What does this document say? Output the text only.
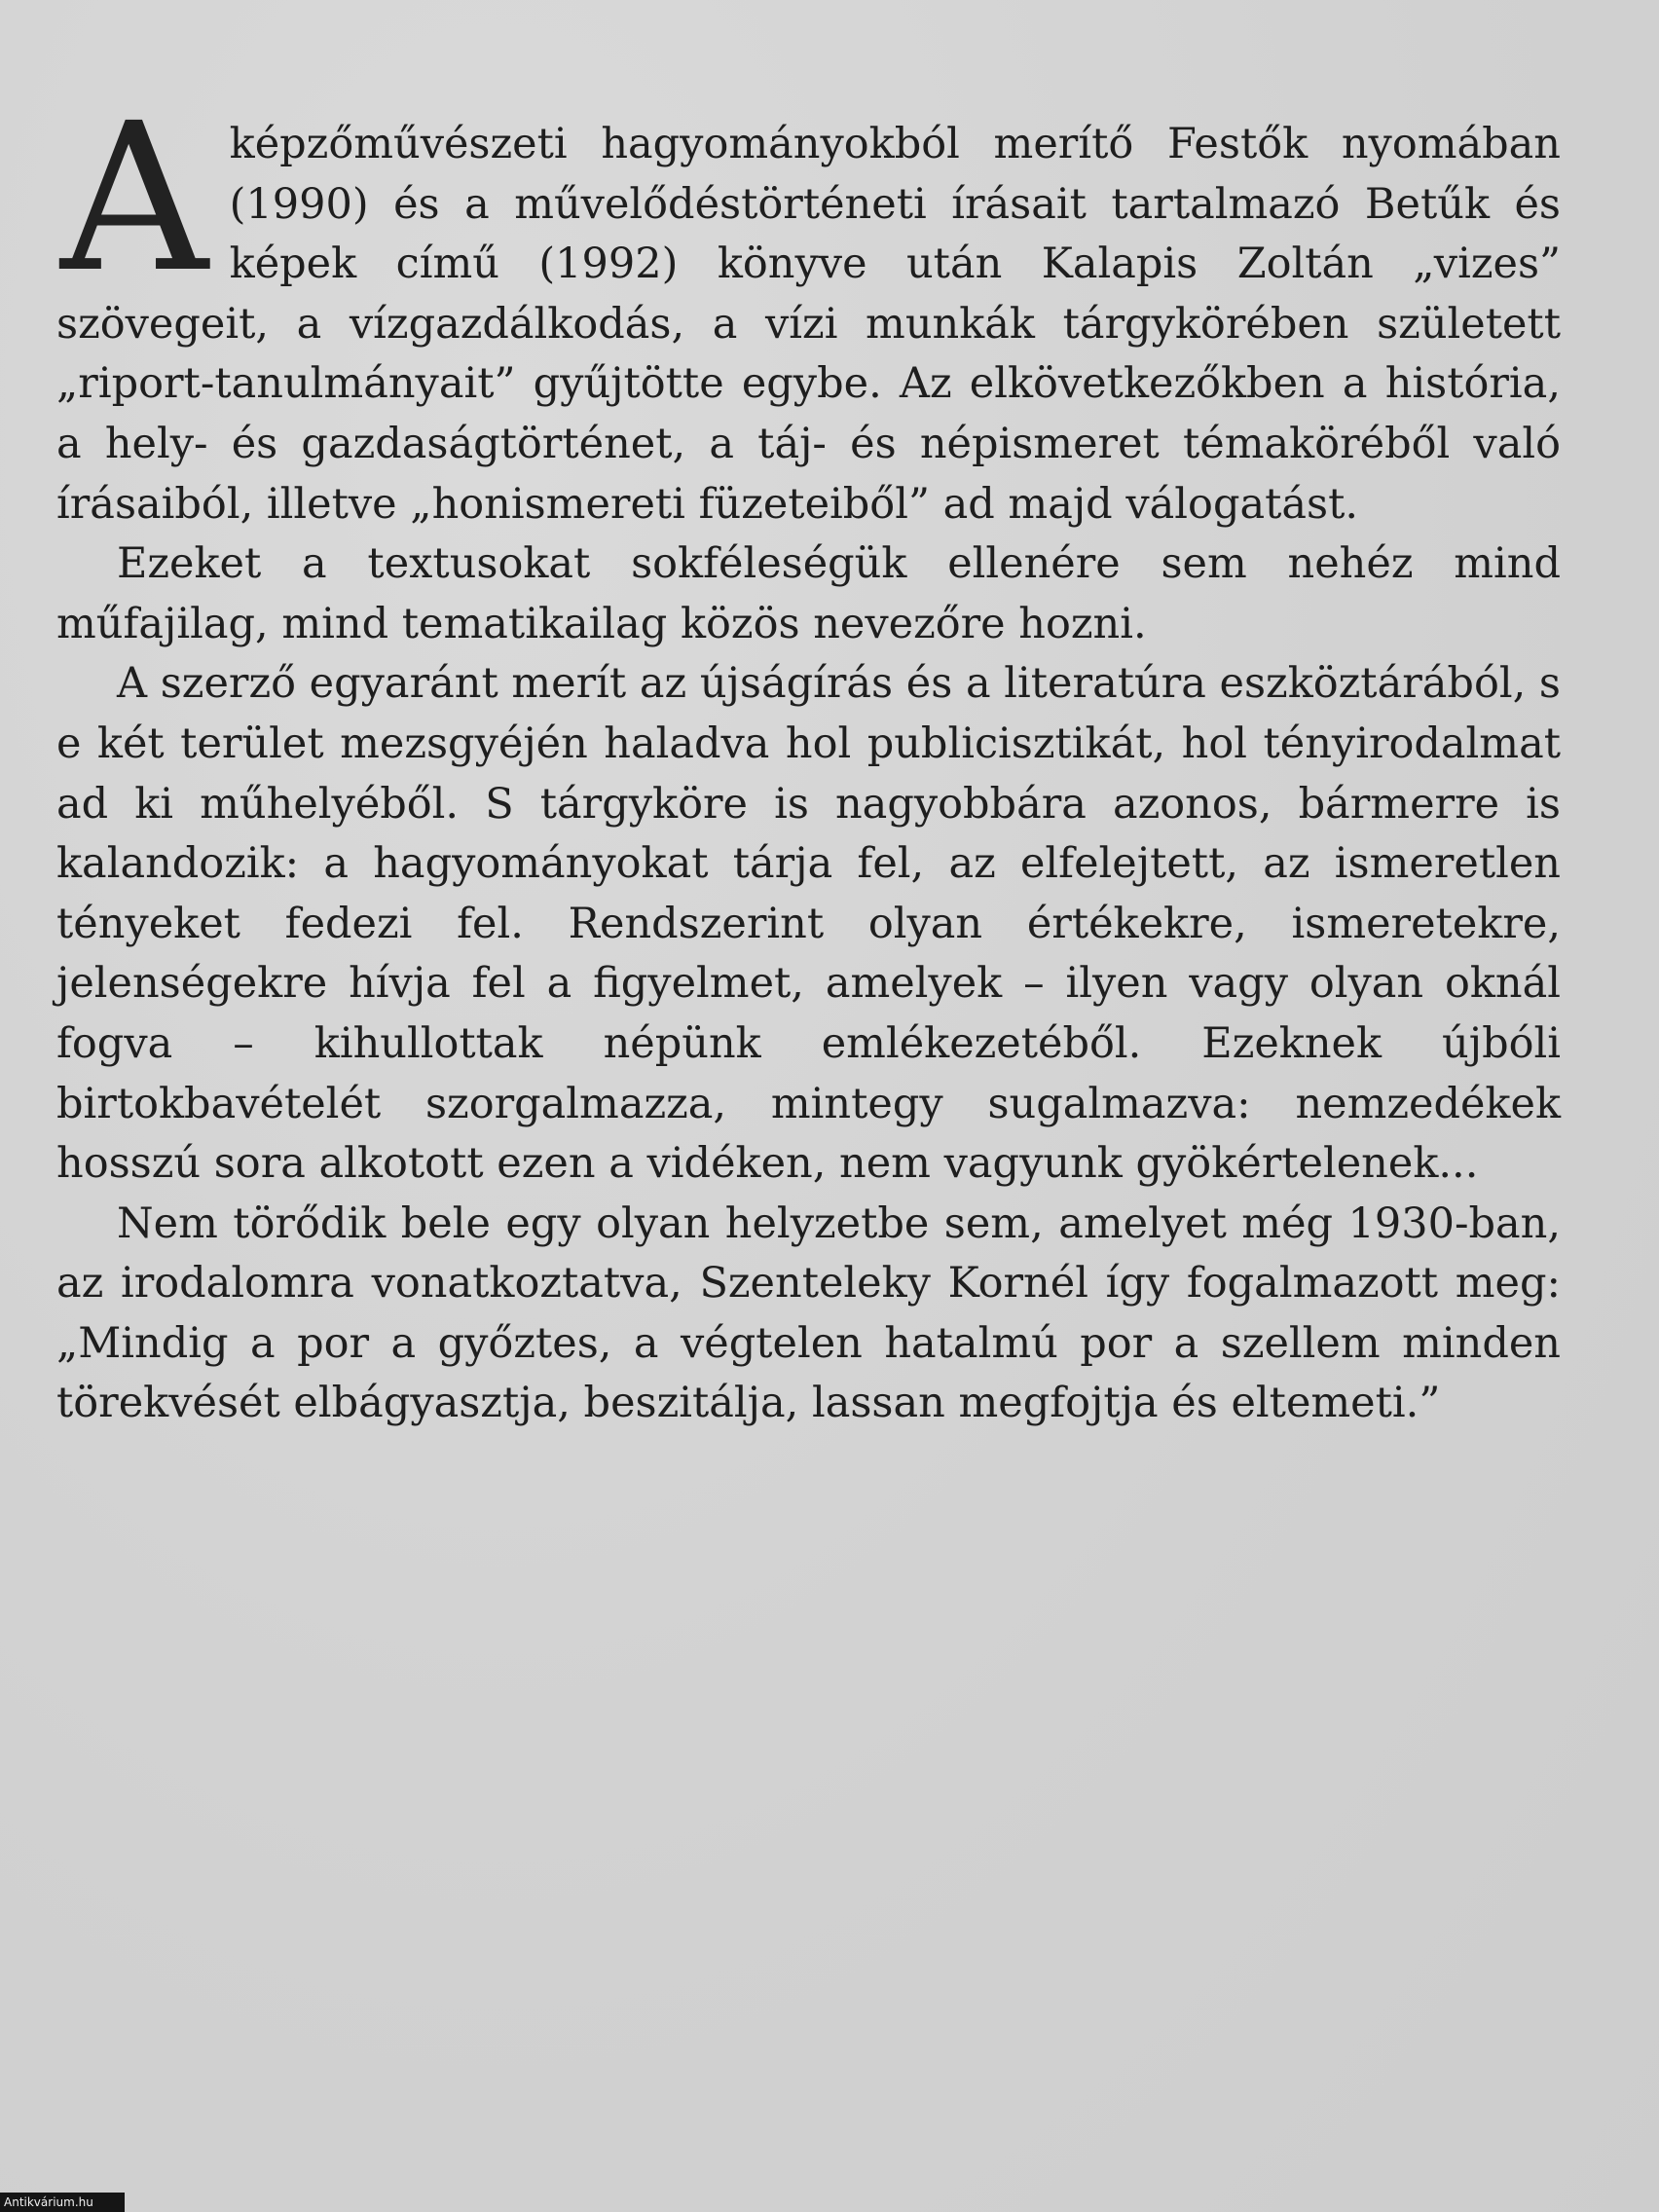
Aképzőművészeti hagyományokból merítő Festők nyomában (1990) és a művelődéstörténeti írásait tartalmazó Betűk és képek című (1992) könyve után Kalapis Zoltán „vizes” szövegeit, a vízgazdálkodás, a vízi munkák tárgykörében született „riport-tanulmányait” gyűjtötte egybe. Az elkövetkezőkben a história, a hely- és gazdaságtörténet, a táj- és népismeret témaköréből való írásaiból, illetve „honismereti füzeteiből” ad majd válogatást.

Ezeket a textusokat sokféleségük ellenére sem nehéz mind műfajilag, mind tematikailag közös nevezőre hozni.

A szerző egyaránt merít az újságírás és a literatúra eszköztárából, s e két terület mezsgyéjén haladva hol publicisztikát, hol tényirodalmat ad ki műhelyéből. S tárgyköre is nagyobbára azonos, bármerre is kalandozik: a hagyományokat tárja fel, az elfelejtett, az ismeretlen tényeket fedezi fel. Rendszerint olyan értékekre, ismeretekre, jelenségekre hívja fel a figyelmet, amelyek – ilyen vagy olyan oknál fogva – kihullottak népünk emlékezetéből. Ezeknek újbóli birtokbavételét szorgalmazza, mintegy sugalmazva: nemzedékek hosszú sora alkotott ezen a vidéken, nem vagyunk gyökértelenek...

Nem törődik bele egy olyan helyzetbe sem, amelyet még 1930-ban, az irodalomra vonatkoztatva, Szenteleky Kornél így fogalmazott meg: „Mindig a por a győztes, a végtelen hatalmú por a szellem minden törekvését elbágyasztja, beszitálja, lassan megfojtja és eltemeti.”

Antikvárium.hu
